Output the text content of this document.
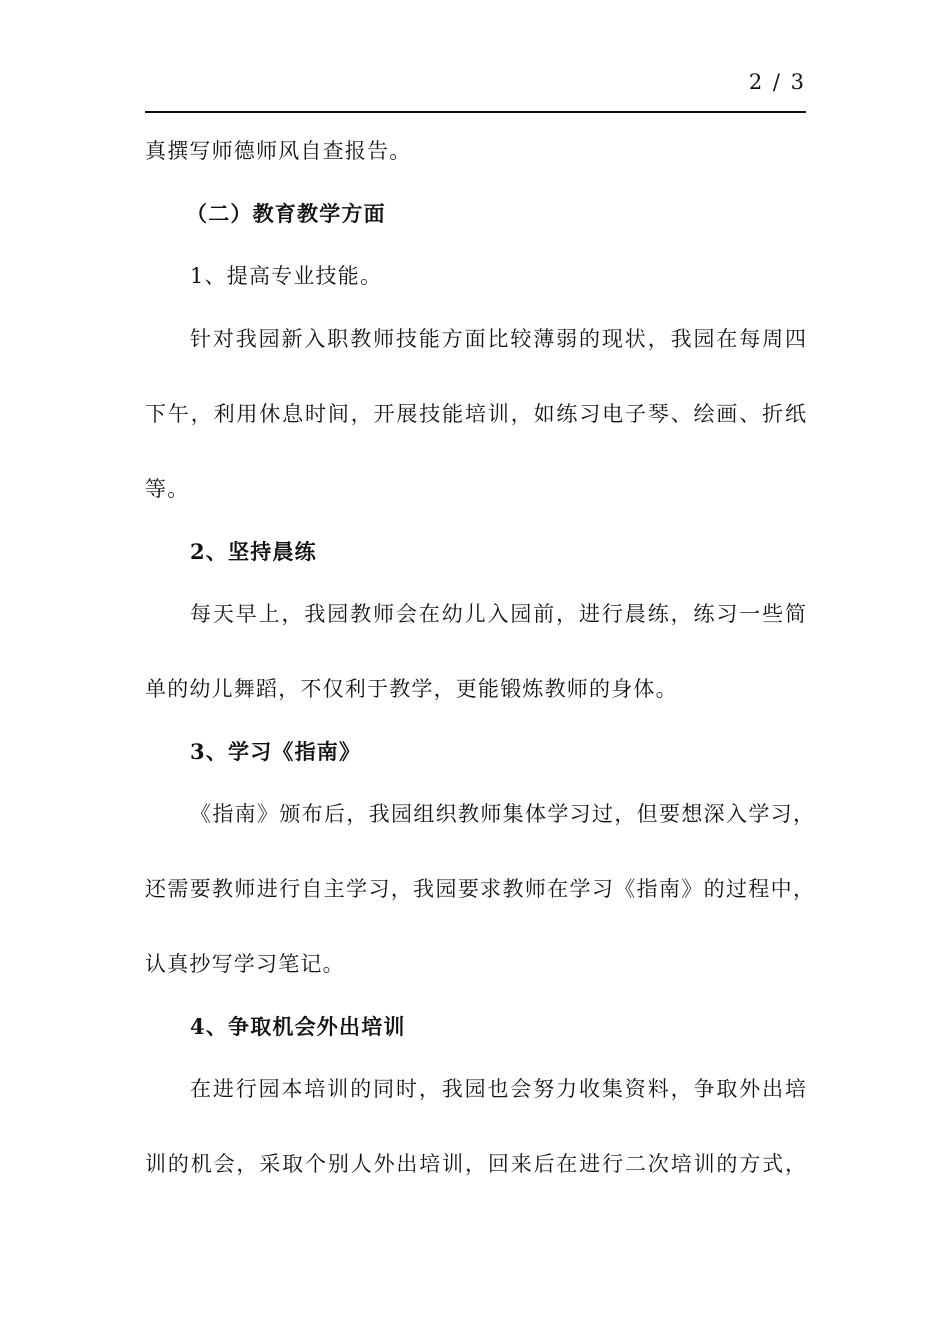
2 / 3
真撰写师德师风自查报告。
（二）教育教学方面
1、提高专业技能。
针对我园新入职教师技能方面比较薄弱的现状，我园在每周四
下午，利用休息时间，开展技能培训，如练习电子琴、绘画、折纸
等。
2、坚持晨练
每天早上，我园教师会在幼儿入园前，进行晨练，练习一些简
单的幼儿舞蹈，不仅利于教学，更能锻炼教师的身体。
3、学习《指南》
《指南》颁布后，我园组织教师集体学习过，但要想深入学习，
还需要教师进行自主学习，我园要求教师在学习《指南》的过程中，
认真抄写学习笔记。
4、争取机会外出培训
在进行园本培训的同时，我园也会努力收集资料，争取外出培
训的机会，采取个别人外出培训，回来后在进行二次培训的方式，
